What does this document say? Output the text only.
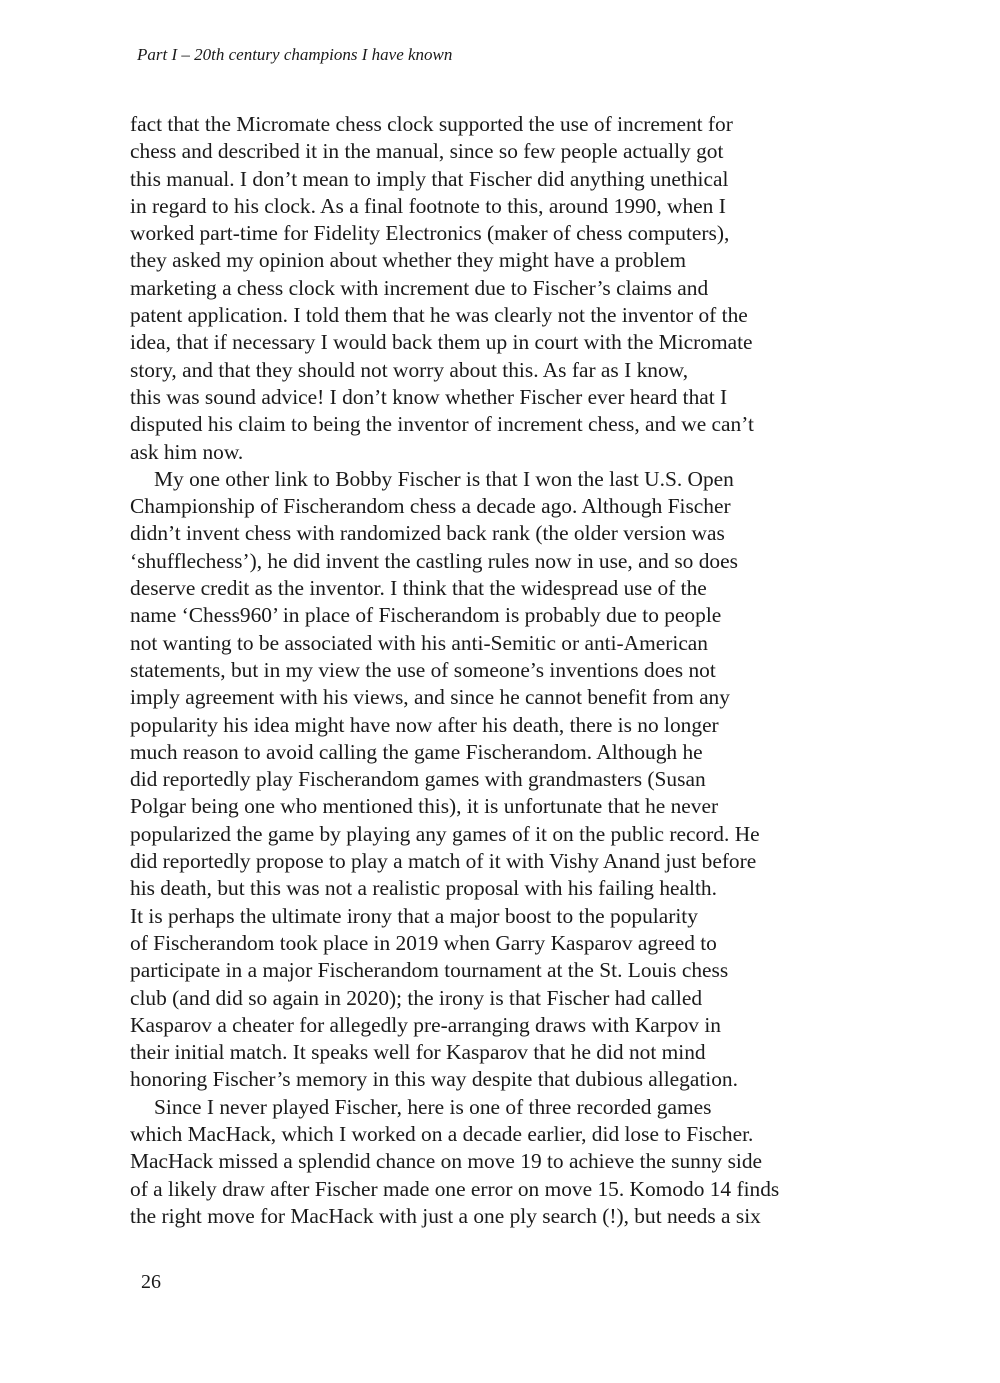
Part I – 20th century champions I have known
fact that the Micromate chess clock supported the use of increment for
chess and described it in the manual, since so few people actually got
this manual. I don’t mean to imply that Fischer did anything unethical
in regard to his clock. As a final footnote to this, around 1990, when I
worked part-time for Fidelity Electronics (maker of chess computers),
they asked my opinion about whether they might have a problem
marketing a chess clock with increment due to Fischer’s claims and
patent application. I told them that he was clearly not the inventor of the
idea, that if necessary I would back them up in court with the Micromate
story, and that they should not worry about this. As far as I know,
this was sound advice! I don’t know whether Fischer ever heard that I
disputed his claim to being the inventor of increment chess, and we can’t
ask him now.
My one other link to Bobby Fischer is that I won the last U.S. Open
Championship of Fischerandom chess a decade ago. Although Fischer
didn’t invent chess with randomized back rank (the older version was
‘shufflechess’), he did invent the castling rules now in use, and so does
deserve credit as the inventor. I think that the widespread use of the
name ‘Chess960’ in place of Fischerandom is probably due to people
not wanting to be associated with his anti-Semitic or anti-American
statements, but in my view the use of someone’s inventions does not
imply agreement with his views, and since he cannot benefit from any
popularity his idea might have now after his death, there is no longer
much reason to avoid calling the game Fischerandom. Although he
did reportedly play Fischerandom games with grandmasters (Susan
Polgar being one who mentioned this), it is unfortunate that he never
popularized the game by playing any games of it on the public record. He
did reportedly propose to play a match of it with Vishy Anand just before
his death, but this was not a realistic proposal with his failing health.
It is perhaps the ultimate irony that a major boost to the popularity
of Fischerandom took place in 2019 when Garry Kasparov agreed to
participate in a major Fischerandom tournament at the St. Louis chess
club (and did so again in 2020); the irony is that Fischer had called
Kasparov a cheater for allegedly pre-arranging draws with Karpov in
their initial match. It speaks well for Kasparov that he did not mind
honoring Fischer’s memory in this way despite that dubious allegation.
Since I never played Fischer, here is one of three recorded games
which MacHack, which I worked on a decade earlier, did lose to Fischer.
MacHack missed a splendid chance on move 19 to achieve the sunny side
of a likely draw after Fischer made one error on move 15. Komodo 14 finds
the right move for MacHack with just a one ply search (!), but needs a six
26
